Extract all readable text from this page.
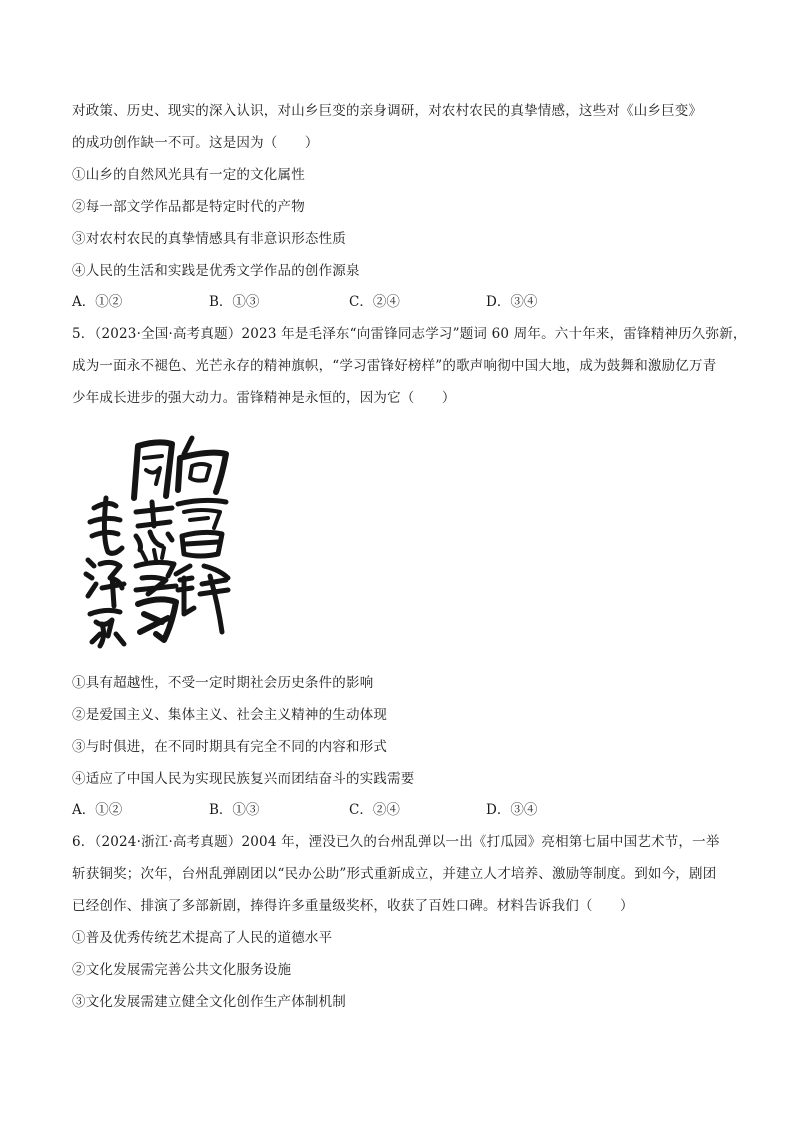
对政策、历史、现实的深入认识，对山乡巨变的亲身调研，对农村农民的真挚情感，这些对《山乡巨变》
的成功创作缺一不可。这是因为（　　）
①山乡的自然风光具有一定的文化属性
②每一部文学作品都是特定时代的产物
③对农村农民的真挚情感具有非意识形态性质
④人民的生活和实践是优秀文学作品的创作源泉
A．①②	B．①③	C．②④	D．③④
5．（2023·全国·高考真题）2023 年是毛泽东“向雷锋同志学习”题词 60 周年。六十年来，雷锋精神历久弥新，
成为一面永不褪色、光芒永存的精神旗帜，“学习雷锋好榜样”的歌声响彻中国大地，成为鼓舞和激励亿万青
少年成长进步的强大动力。雷锋精神是永恒的，因为它（　　）
①具有超越性，不受一定时期社会历史条件的影响
②是爱国主义、集体主义、社会主义精神的生动体现
③与时俱进，在不同时期具有完全不同的内容和形式
④适应了中国人民为实现民族复兴而团结奋斗的实践需要
A．①②	B．①③	C．②④	D．③④
6．（2024·浙江·高考真题）2004 年，湮没已久的台州乱弹以一出《打瓜园》亮相第七届中国艺术节，一举
斩获铜奖；次年，台州乱弹剧团以“民办公助”形式重新成立，并建立人才培养、激励等制度。到如今，剧团
已经创作、排演了多部新剧，捧得许多重量级奖杯，收获了百姓口碑。材料告诉我们（　　）
①普及优秀传统艺术提高了人民的道德水平
②文化发展需完善公共文化服务设施
③文化发展需建立健全文化创作生产体制机制
